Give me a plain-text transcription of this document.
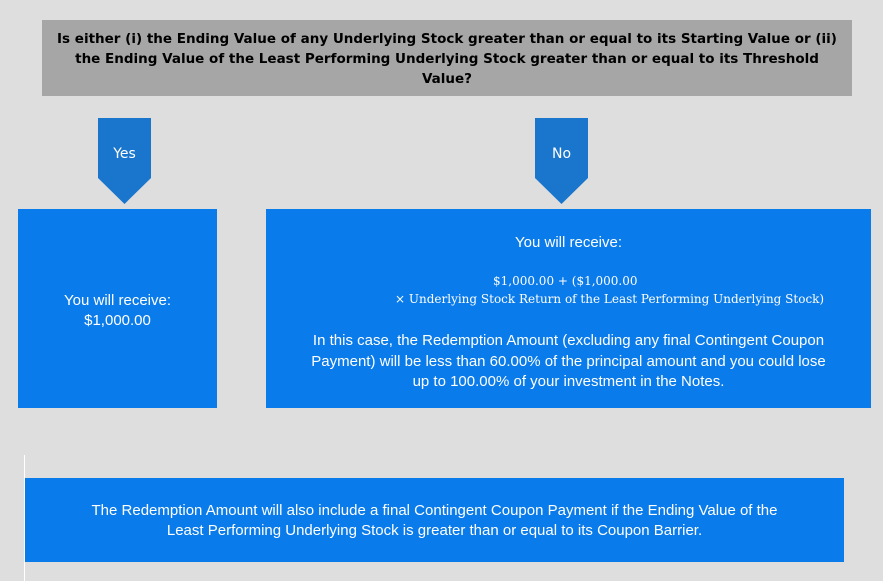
Is either (i) the Ending Value of any Underlying Stock greater than or equal to its Starting Value or (ii)
the Ending Value of the Least Performing Underlying Stock greater than or equal to its Threshold
Value?
Yes	No
You will receive:
$1,000.00
You will receive:
$1,000.00 + ($1,000.00
× Underlying Stock Return of the Least Performing Underlying Stock)
In this case, the Redemption Amount (excluding any final Contingent Coupon
Payment) will be less than 60.00% of the principal amount and you could lose
up to 100.00% of your investment in the Notes.
The Redemption Amount will also include a final Contingent Coupon Payment if the Ending Value of the
Least Performing Underlying Stock is greater than or equal to its Coupon Barrier.
